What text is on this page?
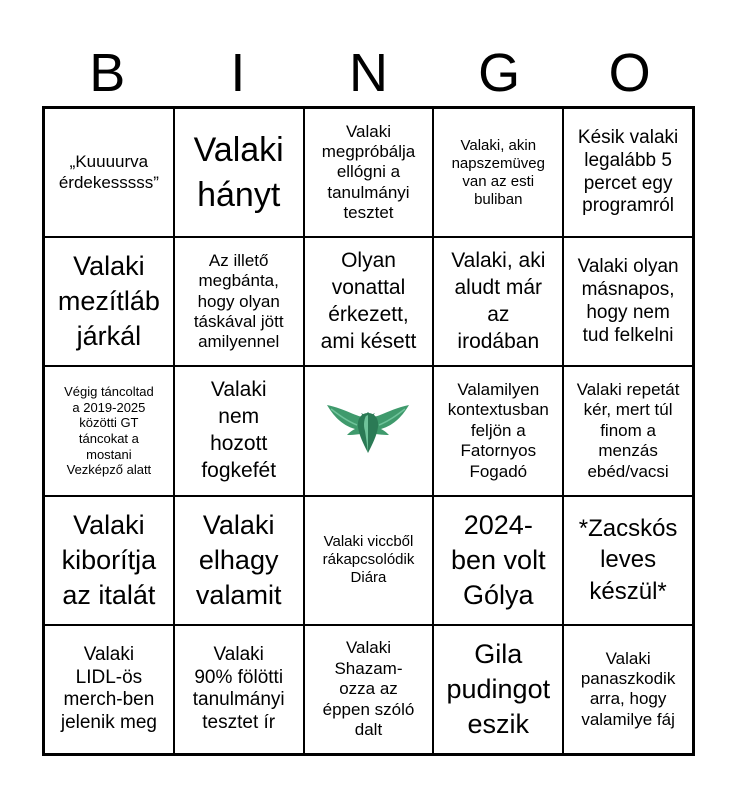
B	I	N	G	O
„Kuuuurva
érdekesssss”
Valaki
hányt
Valaki
megpróbálja
ellógni a
tanulmányi
tesztet
Valaki, akin
napszemüveg
van az esti
buliban
Késik valaki
legalább 5
percet egy
programról
Valaki
mezítláb
járkál
Az illető
megbánta,
hogy olyan
táskával jött
amilyennel
Olyan
vonattal
érkezett,
ami késett
Valaki, aki
aludt már
az
irodában
Valaki olyan
másnapos,
hogy nem
tud felkelni
Végig táncoltad
a 2019-2025
közötti GT
táncokat a
mostani
Vezképző alatt
Valaki
nem
hozott
fogkefét
Valamilyen
kontextusban
feljön a
Fatornyos
Fogadó
Valaki repetát
kér, mert túl
finom a
menzás
ebéd/vacsi
Valaki
kiborítja
az italát
Valaki
elhagy
valamit
Valaki viccből
rákapcsolódik
Diára
2024-
ben volt
Gólya
*Zacskós
leves
készül*
Valaki
LIDL-ös
merch-ben
jelenik meg
Valaki
90% fölötti
tanulmányi
tesztet ír
Valaki
Shazam-
ozza az
éppen szóló
dalt
Gila
pudingot
eszik
Valaki
panaszkodik
arra, hogy
valamilye fáj
